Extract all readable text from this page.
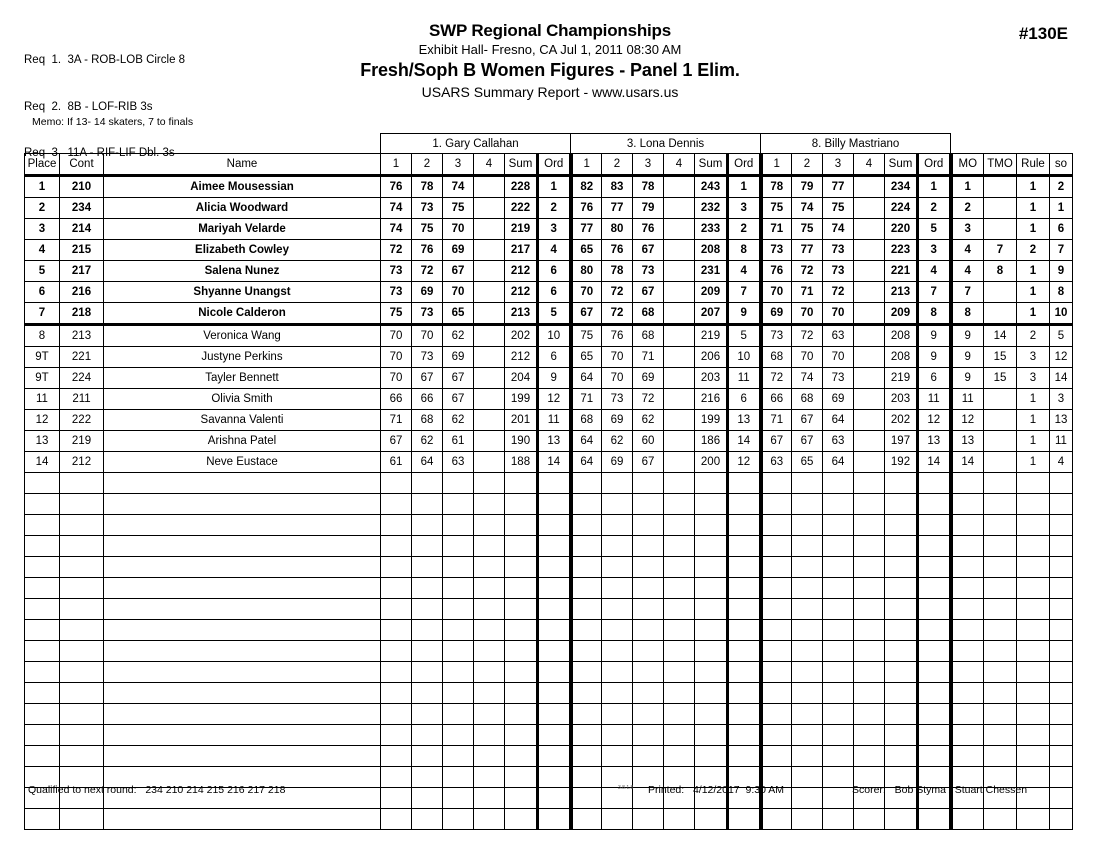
Req  1.  3A - ROB-LOB Circle 8

Req  2.  8B - LOF-RIB 3s

Req  3.  11A - RIF-LIF Dbl. 3s

Memo: If 13- 14 skaters, 7 to finals
SWP Regional Championships
Exhibit Hall- Fresno, CA Jul 1, 2011 08:30 AM
Fresh/Soph B Women Figures - Panel 1 Elim.
USARS Summary Report - www.usars.us
#130E
			1. Gary Callahan						3. Lona Dennis						8. Billy Mastriano									
Place	Cont	Name	1	2	3	4	Sum	Ord	1	2	3	4	Sum	Ord	1	2	3	4	Sum	Ord	MO	TMO	Rule	so
1	210	Aimee Mousessian	76	78	74		228	1	82	83	78		243	1	78	79	77		234	1	1		1	2
2	234	Alicia Woodward	74	73	75		222	2	76	77	79		232	3	75	74	75		224	2	2		1	1
3	214	Mariyah Velarde	74	75	70		219	3	77	80	76		233	2	71	75	74		220	5	3		1	6
4	215	Elizabeth Cowley	72	76	69		217	4	65	76	67		208	8	73	77	73		223	3	4	7	2	7
5	217	Salena Nunez	73	72	67		212	6	80	78	73		231	4	76	72	73		221	4	4	8	1	9
6	216	Shyanne Unangst	73	69	70		212	6	70	72	67		209	7	70	71	72		213	7	7		1	8
7	218	Nicole Calderon	75	73	65		213	5	67	72	68		207	9	69	70	70		209	8	8		1	10
8	213	Veronica Wang	70	70	62		202	10	75	76	68		219	5	73	72	63		208	9	9	14	2	5
9T	221	Justyne Perkins	70	73	69		212	6	65	70	71		206	10	68	70	70		208	9	9	15	3	12
9T	224	Tayler Bennett	70	67	67		204	9	64	70	69		203	11	72	74	73		219	6	9	15	3	14
11	211	Olivia Smith	66	66	67		199	12	71	73	72		216	6	66	68	69		203	11	11		1	3
12	222	Savanna Valenti	71	68	62		201	11	68	69	62		199	13	71	67	64		202	12	12		1	13
13	219	Arishna Patel	67	62	61		190	13	64	62	60		186	14	67	67	63		197	13	13		1	11
14	212	Neve Eustace	61	64	63		188	14	64	69	67		200	12	63	65	64		192	14	14		1	4

Qualified to next round:   234 210 214 215 216 217 218	3.8.1.8 Printed:   4/12/2017  9:30 AM	Scorer:   Bob Styma / Stuart Chessen
